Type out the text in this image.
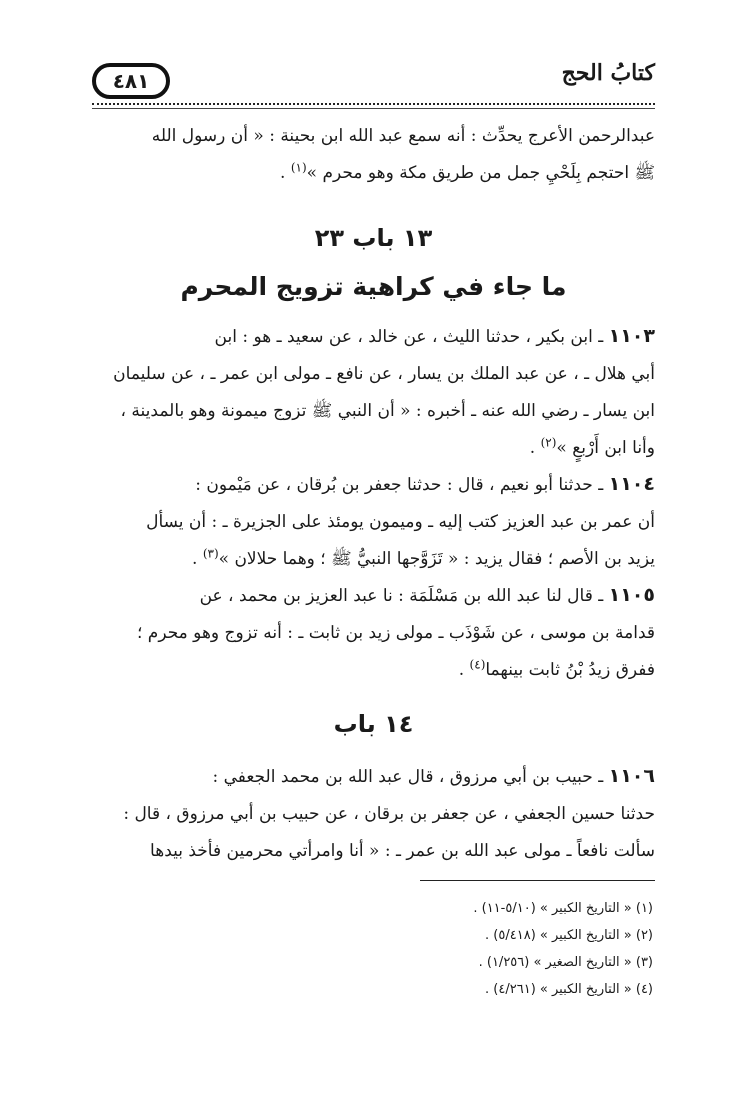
كتابُ الحج
٤٨١
عبدالرحمن الأعرج يحدِّث : أنه سمع عبد الله ابن بحينة : « أن رسول الله
ﷺ احتجم بِلَحْيِ جمل من طريق مكة وهو محرم »$^{(١)}$ .
١٣ باب ٢٣
ما جاء في كراهية تزويج المحرم
١١٠٣ ـ ابن بكير ، حدثنا الليث ، عن خالد ، عن سعيد ـ هو : ابن
أبي هلال ـ ، عن عبد الملك بن يسار ، عن نافع ـ مولى ابن عمر ـ ، عن سليمان
ابن يسار ـ رضي الله عنه ـ أخبره : « أن النبي ﷺ تزوج ميمونة وهو بالمدينة ،
وأنا ابن أَرْبعٍ »$^{(٢)}$ .
١١٠٤ ـ حدثنا أبو نعيم ، قال : حدثنا جعفر بن بُرقان ، عن مَيْمون :
أن عمر بن عبد العزيز كتب إليه ـ وميمون يومئذ على الجزيرة ـ : أن يسأل
يزيد بن الأصم ؛ فقال يزيد : « تَزَوَّجها النبيُّ ﷺ ؛ وهما حلالان »$^{(٣)}$ .
١١٠٥ ـ قال لنا عبد الله بن مَسْلَمَة : نا عبد العزيز بن محمد ، عن
قدامة بن موسى ، عن شَوْذَب ـ مولى زيد بن ثابت ـ : أنه تزوج وهو محرم ؛
ففرق زيدُ بْنُ ثابت بينهما$^{(٤)}$ .
١٤ باب
١١٠٦ ـ حبيب بن أبي مرزوق ، قال عبد الله بن محمد الجعفي :
حدثنا حسين الجعفي ، عن جعفر بن برقان ، عن حبيب بن أبي مرزوق ، قال :
سألت نافعاً ـ مولى عبد الله بن عمر ـ : « أنا وامرأتي محرمين فأخذ بيدها
(١) « التاريخ الكبير » (٥/١٠-١١) .
(٢) « التاريخ الكبير » (٥/٤١٨) .
(٣) « التاريخ الصغير » (١/٢٥٦) .
(٤) « التاريخ الكبير » (٤/٢٦١) .
